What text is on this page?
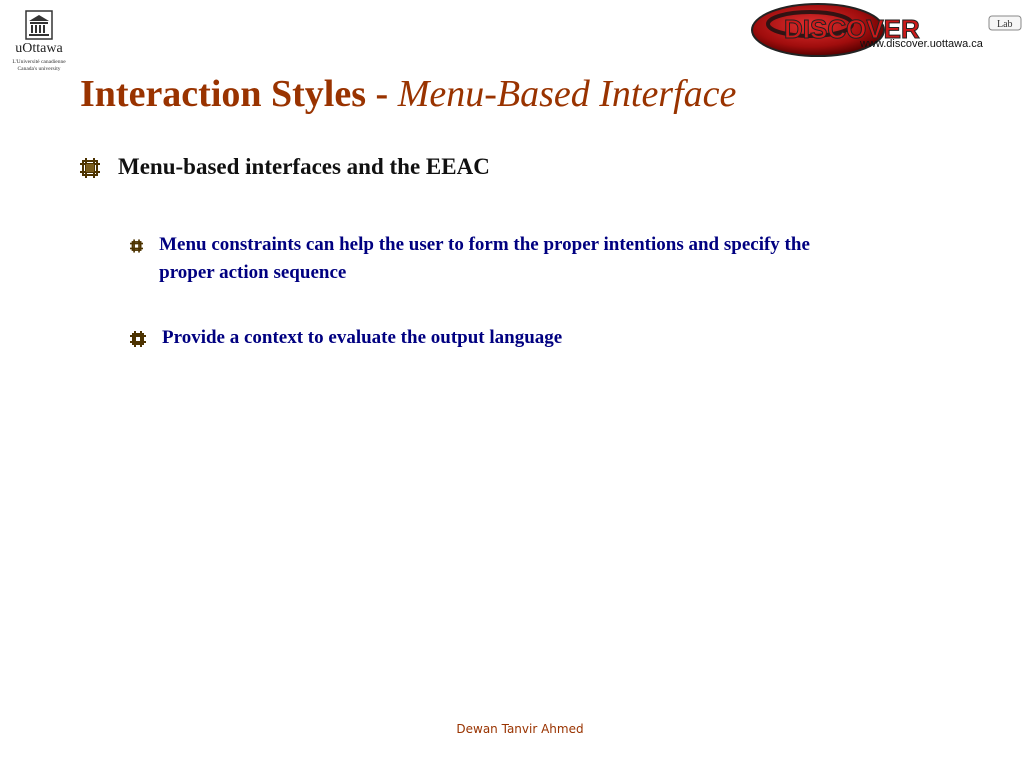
uOttawa
L'Université canadienne
Canada's university
DISCOVER	Lab
www.discover.uottawa.ca
Interaction Styles - Menu-Based Interface
Menu-based interfaces and the EEAC
Menu constraints can help the user to form the proper intentions and specify the proper action sequence
Provide a context to evaluate the output language
Dewan Tanvir Ahmed
